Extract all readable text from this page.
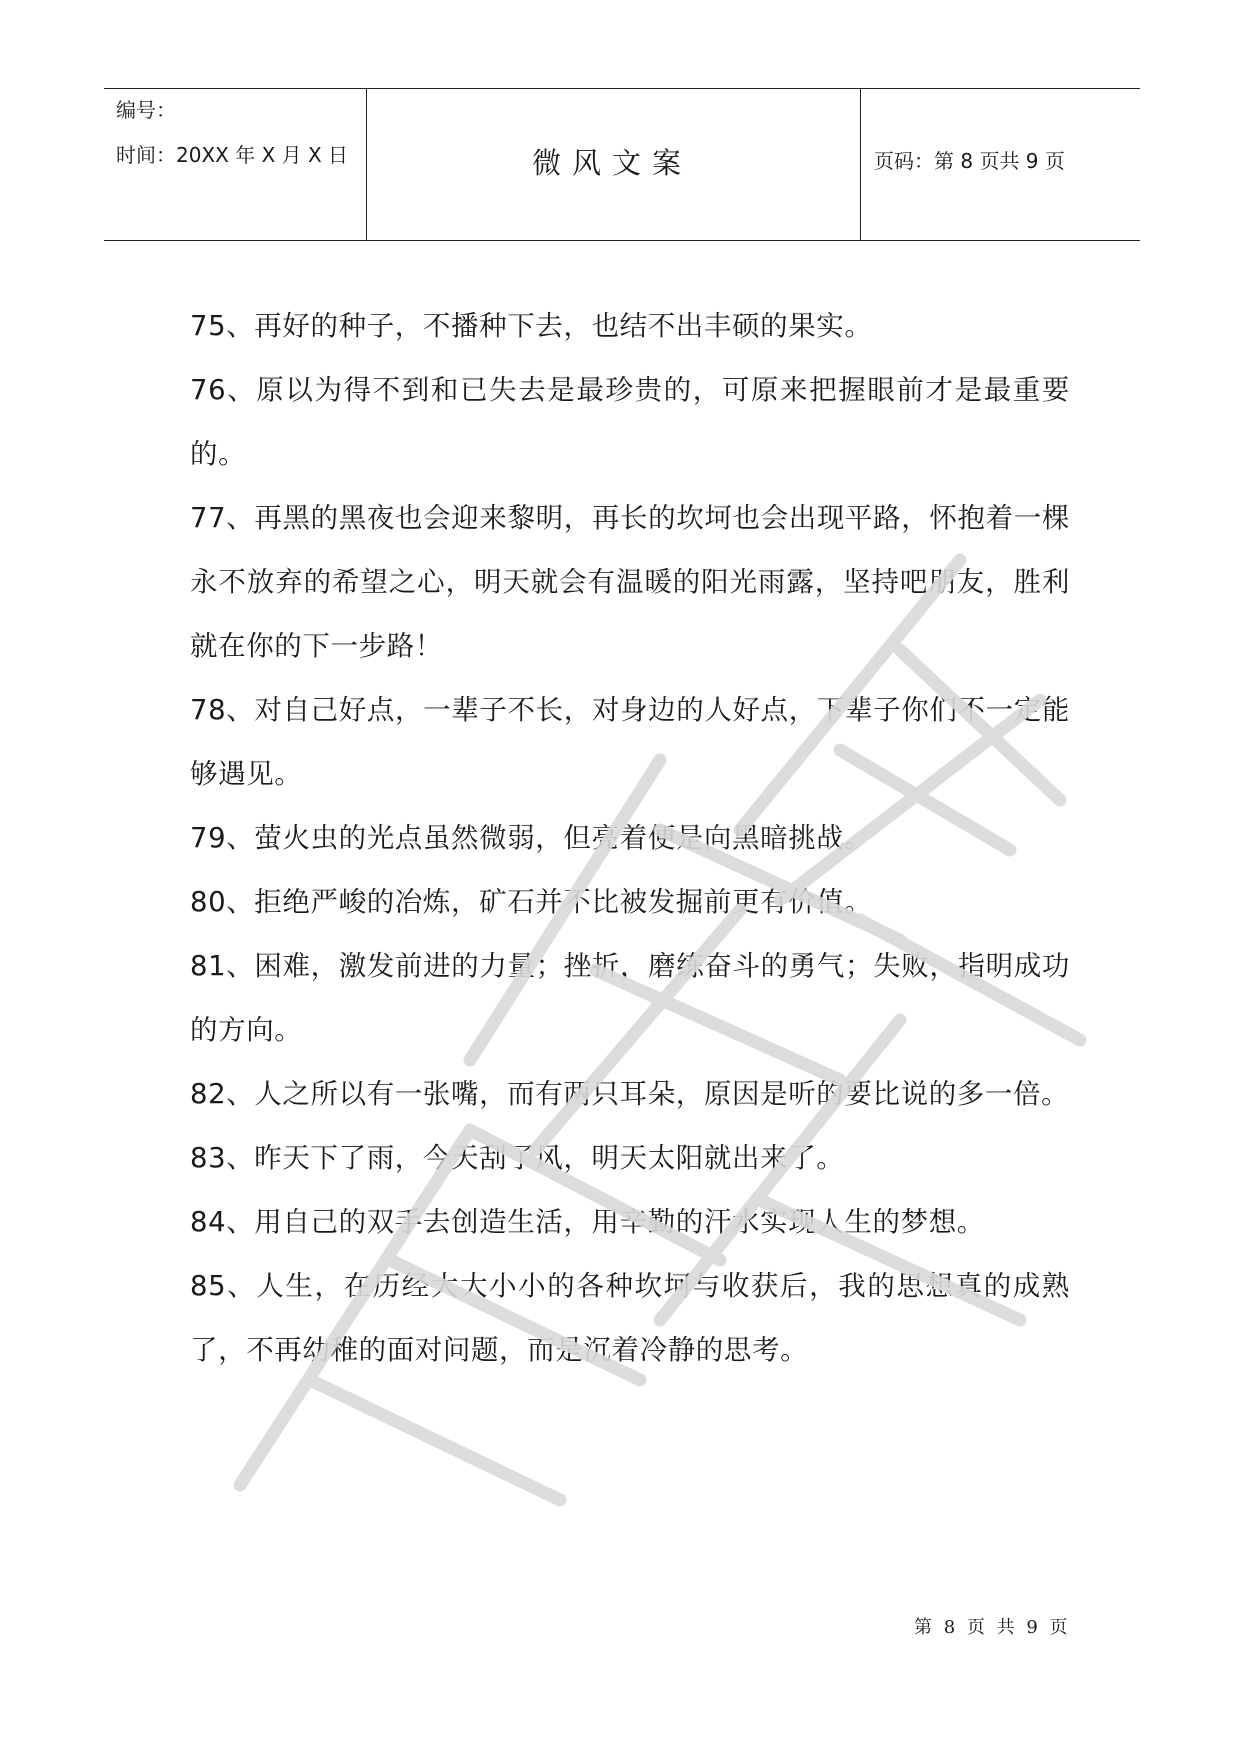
编号：
时间：20XX 年 X 月 X 日	微风文案	页码：第 8 页共 9 页

75、再好的种子，不播种下去，也结不出丰硕的果实。

76、原以为得不到和已失去是最珍贵的，可原来把握眼前才是最重要的。

77、再黑的黑夜也会迎来黎明，再长的坎坷也会出现平路，怀抱着一棵永不放弃的希望之心，明天就会有温暖的阳光雨露，坚持吧朋友，胜利就在你的下一步路！

78、对自己好点，一辈子不长，对身边的人好点，下辈子你们不一定能够遇见。

79、萤火虫的光点虽然微弱，但亮着便是向黑暗挑战。

80、拒绝严峻的冶炼，矿石并不比被发掘前更有价值。

81、困难，激发前进的力量；挫折，磨练奋斗的勇气；失败，指明成功的方向。

82、人之所以有一张嘴，而有两只耳朵，原因是听的要比说的多一倍。

83、昨天下了雨，今天刮了风，明天太阳就出来了。

84、用自己的双手去创造生活，用辛勤的汗水实现人生的梦想。

85、人生，在历经大大小小的各种坎坷与收获后，我的思想真的成熟了，不再幼稚的面对问题，而是沉着冷静的思考。

第 8 页 共 9 页
